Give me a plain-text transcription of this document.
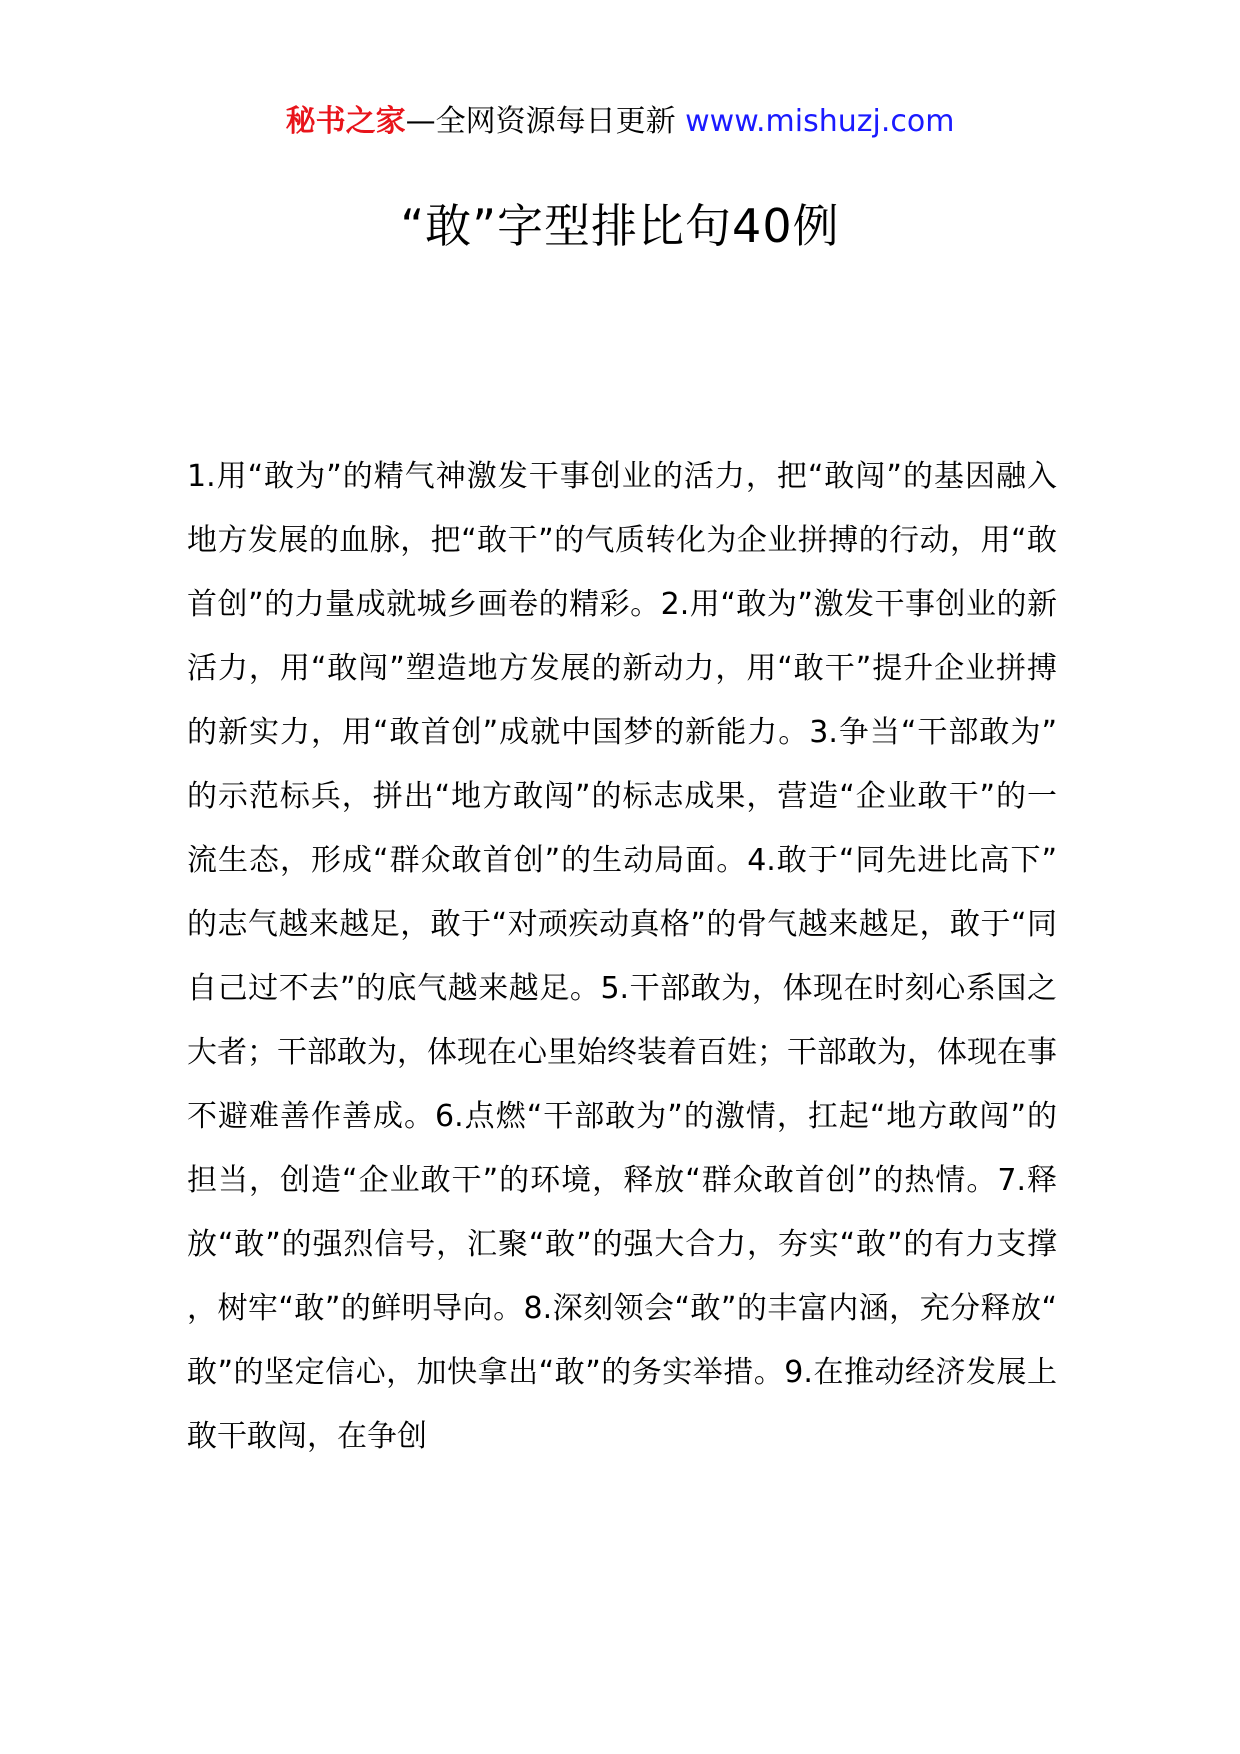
秘书之家—全网资源每日更新 www.mishuzj.com
“敢”字型排比句40例

1.用“敢为”的精气神激发干事创业的活力，把“敢闯”的基因融入地方发展的血脉，把“敢干”的气质转化为企业拼搏的行动，用“敢首创”的力量成就城乡画卷的精彩。2.用“敢为”激发干事创业的新活力，用“敢闯”塑造地方发展的新动力，用“敢干”提升企业拼搏的新实力，用“敢首创”成就中国梦的新能力。3.争当“干部敢为”的示范标兵，拼出“地方敢闯”的标志成果，营造“企业敢干”的一流生态，形成“群众敢首创”的生动局面。4.敢于“同先进比高下”的志气越来越足，敢于“对顽疾动真格”的骨气越来越足，敢于“同自己过不去”的底气越来越足。5.干部敢为，体现在时刻心系国之大者；干部敢为，体现在心里始终装着百姓；干部敢为，体现在事不避难善作善成。6.点燃“干部敢为”的激情，扛起“地方敢闯”的担当，创造“企业敢干”的环境，释放“群众敢首创”的热情。7.释放“敢”的强烈信号，汇聚“敢”的强大合力，夯实“敢”的有力支撑，树牢“敢”的鲜明导向。8.深刻领会“敢”的丰富内涵，充分释放“敢”的坚定信心，加快拿出“敢”的务实举措。9.在推动经济发展上敢干敢闯，在争创
